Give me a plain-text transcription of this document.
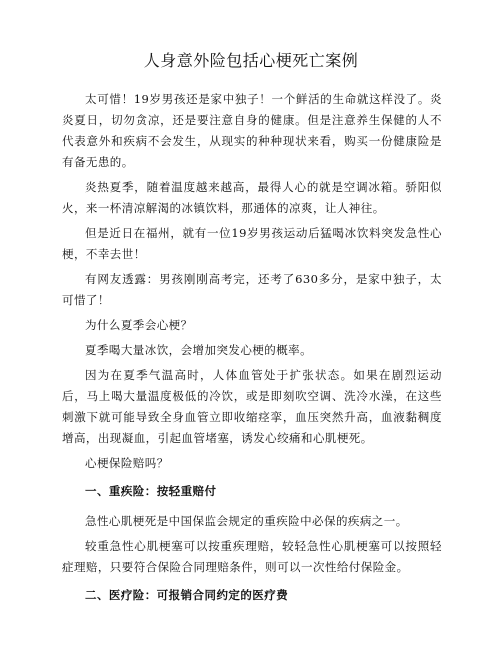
人身意外险包括心梗死亡案例

太可惜！19岁男孩还是家中独子！一个鲜活的生命就这样没了。炎炎夏日，切勿贪凉，还是要注意自身的健康。但是注意养生保健的人不代表意外和疾病不会发生，从现实的种种现状来看，购买一份健康险是有备无患的。

炎热夏季，随着温度越来越高，最得人心的就是空调冰箱。骄阳似火，来一杯清凉解渴的冰镇饮料，那通体的凉爽，让人神往。

但是近日在福州，就有一位19岁男孩运动后猛喝冰饮料突发急性心梗，不幸去世！

有网友透露：男孩刚刚高考完，还考了630多分，是家中独子，太可惜了！

为什么夏季会心梗？

夏季喝大量冰饮，会增加突发心梗的概率。

因为在夏季气温高时，人体血管处于扩张状态。如果在剧烈运动后，马上喝大量温度极低的冷饮，或是即刻吹空调、洗冷水澡，在这些刺激下就可能导致全身血管立即收缩痉挛，血压突然升高，血液黏稠度增高，出现凝血，引起血管堵塞，诱发心绞痛和心肌梗死。

心梗保险赔吗？

一、重疾险：按轻重赔付

急性心肌梗死是中国保监会规定的重疾险中必保的疾病之一。

较重急性心肌梗塞可以按重疾理赔，较轻急性心肌梗塞可以按照轻症理赔，只要符合保险合同理赔条件，则可以一次性给付保险金。

二、医疗险：可报销合同约定的医疗费
